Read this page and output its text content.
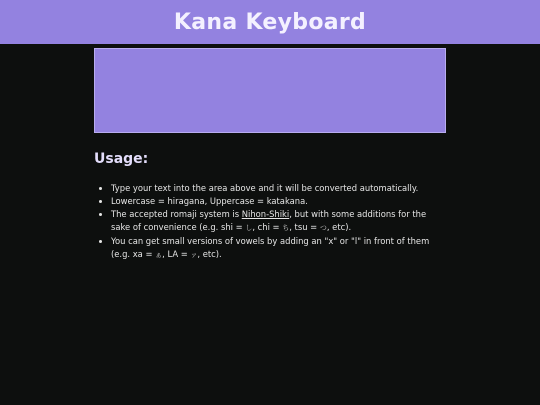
Kana Keyboard
Usage:
• Type your text into the area above and it will be converted automatically.
• Lowercase = hiragana, Uppercase = katakana.
• The accepted romaji system is Nihon-Shiki, but with some additions for the sake of convenience (e.g. shi = し, chi = ち, tsu = つ, etc).
• You can get small versions of vowels by adding an "x" or "l" in front of them (e.g. xa = ぁ, LA = ァ, etc).
